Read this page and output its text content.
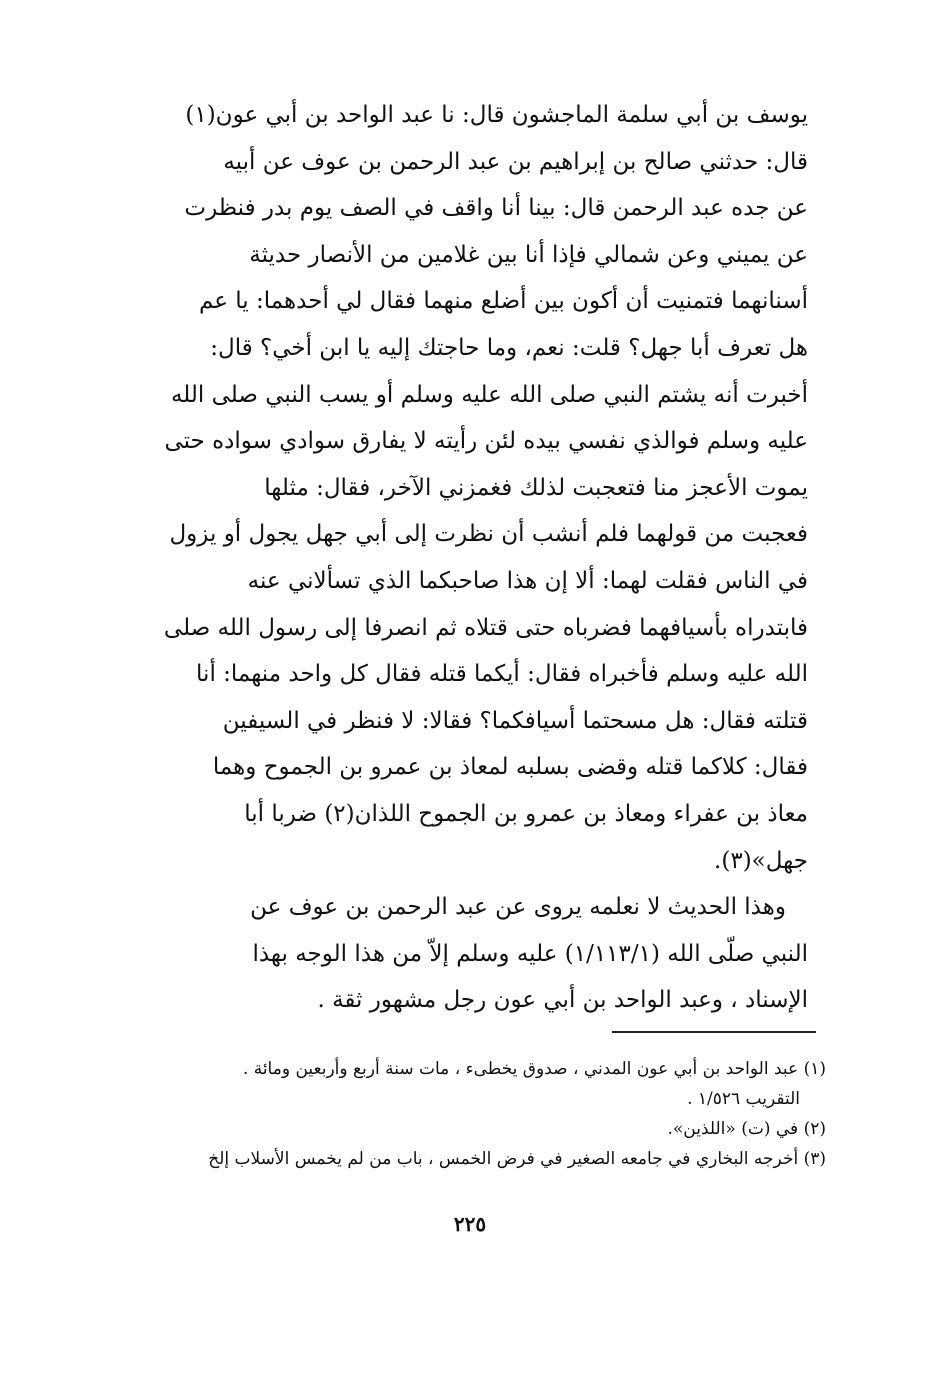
يوسف بن أبي سلمة الماجشون قال: نا عبد الواحد بن أبي عون(١)
قال: حدثني صالح بن إبراهيم بن عبد الرحمن بن عوف عن أبيه
عن جده عبد الرحمن قال: بينا أنا واقف في الصف يوم بدر فنظرت
عن يميني وعن شمالي فإذا أنا بين غلامين من الأنصار حديثة
أسنانهما فتمنيت أن أكون بين أضلع منهما فقال لي أحدهما: يا عم
هل تعرف أبا جهل؟ قلت: نعم، وما حاجتك إليه يا ابن أخي؟ قال:
أخبرت أنه يشتم النبي صلى الله عليه وسلم أو يسب النبي صلى الله
عليه وسلم فوالذي نفسي بيده لئن رأيته لا يفارق سوادي سواده حتى
يموت الأعجز منا فتعجبت لذلك فغمزني الآخر، فقال: مثلها
فعجبت من قولهما فلم أنشب أن نظرت إلى أبي جهل يجول أو يزول
في الناس فقلت لهما: ألا إن هذا صاحبكما الذي تسألاني عنه
فابتدراه بأسيافهما فضرباه حتى قتلاه ثم انصرفا إلى رسول الله صلى
الله عليه وسلم فأخبراه فقال: أيكما قتله فقال كل واحد منهما: أنا
قتلته فقال: هل مسحتما أسيافكما؟ فقالا: لا فنظر في السيفين
فقال: كلاكما قتله وقضى بسلبه لمعاذ بن عمرو بن الجموح وهما
معاذ بن عفراء ومعاذ بن عمرو بن الجموح اللذان(٢) ضربا أبا
جهل»(٣).
وهذا الحديث لا نعلمه يروى عن عبد الرحمن بن عوف عن
النبي صلّى الله (١/١١٣/١) عليه وسلم إلاّ من هذا الوجه بهذا
الإسناد ، وعبد الواحد بن أبي عون رجل مشهور ثقة .
(١) عبد الواحد بن أبي عون المدني ، صدوق يخطىء ، مات سنة أربع وأربعين ومائة .
التقريب ١/٥٢٦ .
(٢) في (ت) «اللذين».
(٣) أخرجه البخاري في جامعه الصغير في فرض الخمس ، باب من لم يخمس الأسلاب إلخ
٢٢٥
